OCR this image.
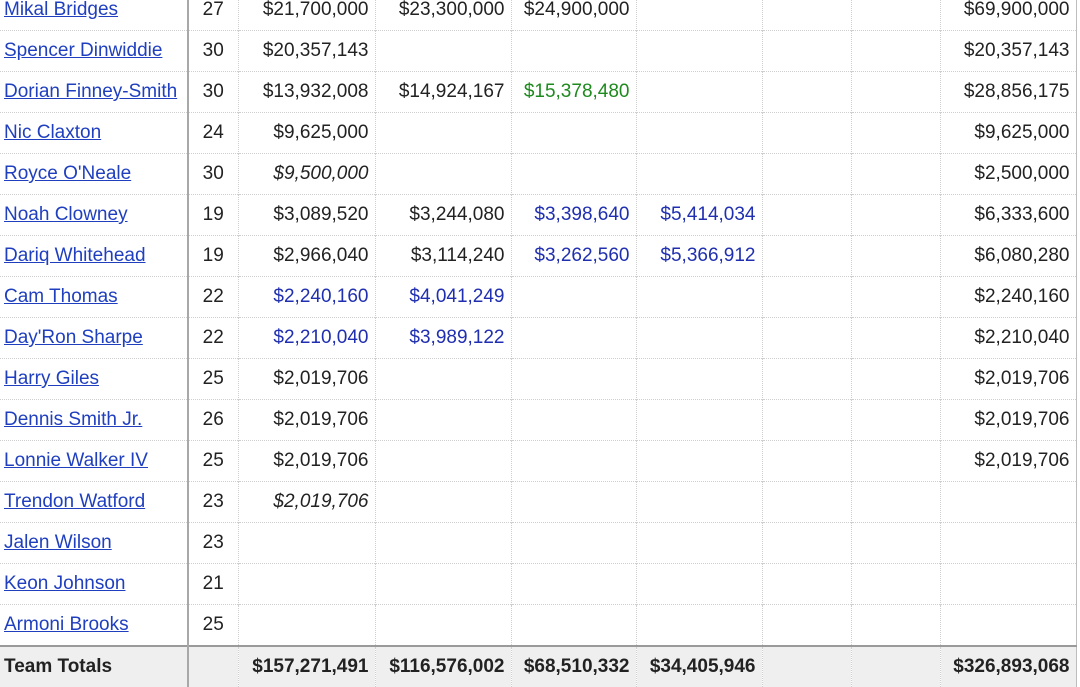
Mikal Bridges	27	$21,700,000	$23,300,000	$24,900,000				$69,900,000
Spencer Dinwiddie	30	$20,357,143						$20,357,143
Dorian Finney-Smith	30	$13,932,008	$14,924,167	$15,378,480				$28,856,175
Nic Claxton	24	$9,625,000						$9,625,000
Royce O'Neale	30	$9,500,000						$2,500,000
Noah Clowney	19	$3,089,520	$3,244,080	$3,398,640	$5,414,034			$6,333,600
Dariq Whitehead	19	$2,966,040	$3,114,240	$3,262,560	$5,366,912			$6,080,280
Cam Thomas	22	$2,240,160	$4,041,249					$2,240,160
Day'Ron Sharpe	22	$2,210,040	$3,989,122					$2,210,040
Harry Giles	25	$2,019,706						$2,019,706
Dennis Smith Jr.	26	$2,019,706						$2,019,706
Lonnie Walker IV	25	$2,019,706						$2,019,706
Trendon Watford	23	$2,019,706						
Jalen Wilson	23							
Keon Johnson	21							
Armoni Brooks	25							
Team Totals		$157,271,491	$116,576,002	$68,510,332	$34,405,946			$326,893,068
